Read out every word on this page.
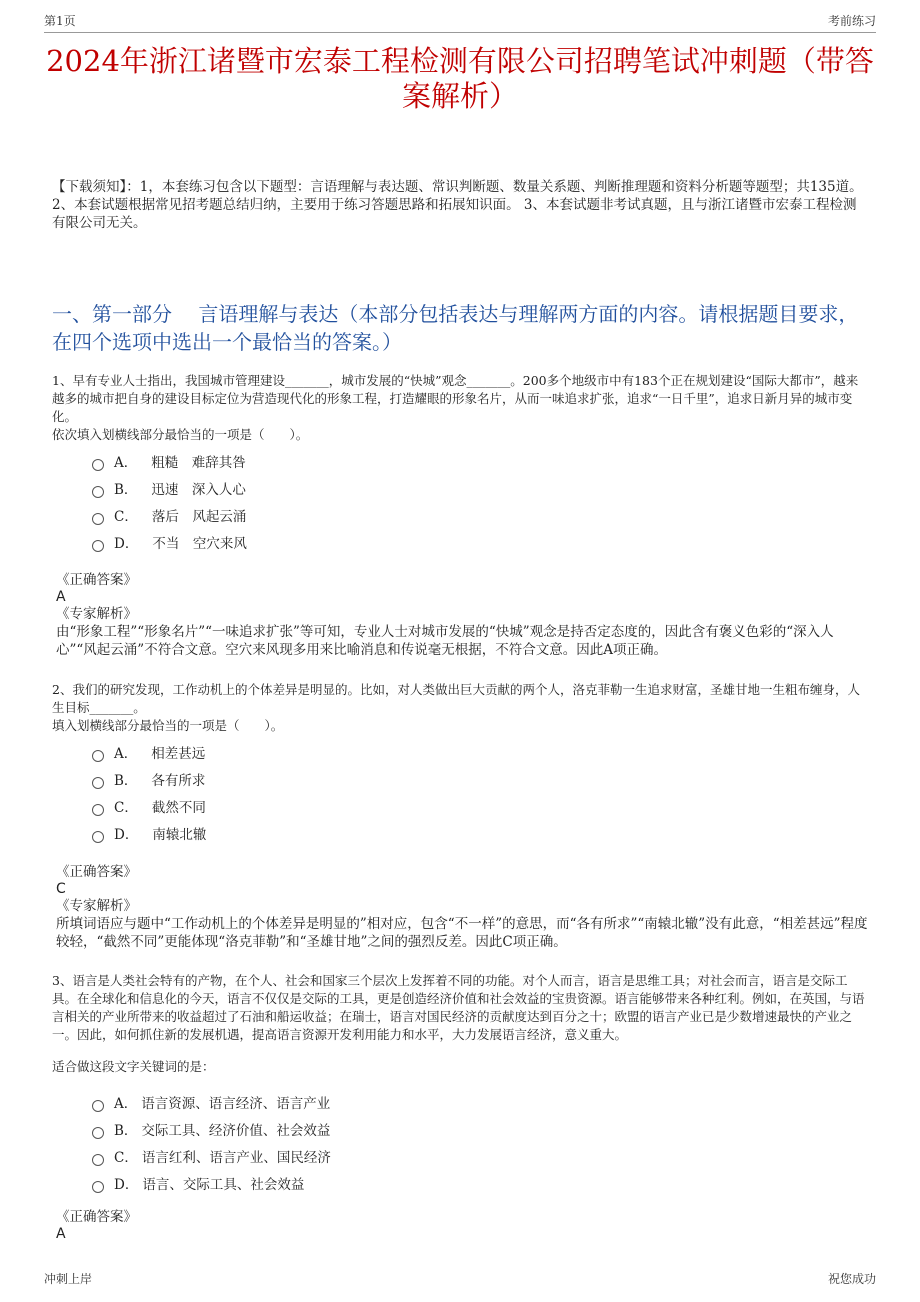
第1页	考前练习
2024年浙江诸暨市宏泰工程检测有限公司招聘笔试冲刺题（带答案解析）
【下载须知】：1，本套练习包含以下题型：言语理解与表达题、常识判断题、数量关系题、判断推理题和资料分析题等题型；共135道。 2、本套试题根据常见招考题总结归纳，主要用于练习答题思路和拓展知识面。 3、本套试题非考试真题，且与浙江诸暨市宏泰工程检测有限公司无关。
一、第一部分　 言语理解与表达（本部分包括表达与理解两方面的内容。请根据题目要求，在四个选项中选出一个最恰当的答案。）

1、早有专业人士指出，我国城市管理建设_______，城市发展的“快城”观念_______。200多个地级市中有183个正在规划建设“国际大都市”，越来越多的城市把自身的建设目标定位为营造现代化的形象工程，打造耀眼的形象名片，从而一味追求扩张，追求“一日千里”，追求日新月异的城市变化。

依次填入划横线部分最恰当的一项是（　　）。

A． 粗糙　难辞其咎
B． 迅速　深入人心
C． 落后　风起云涌
D． 不当　空穴来风

《正确答案》

A

《专家解析》

由“形象工程”“形象名片”“一味追求扩张”等可知，专业人士对城市发展的“快城”观念是持否定态度的，因此含有褒义色彩的“深入人心”“风起云涌”不符合文意。空穴来风现多用来比喻消息和传说毫无根据，不符合文意。因此A项正确。

2、我们的研究发现，工作动机上的个体差异是明显的。比如，对人类做出巨大贡献的两个人，洛克菲勒一生追求财富，圣雄甘地一生粗布缠身，人生目标_______。

填入划横线部分最恰当的一项是（　　）。

A． 相差甚远
B． 各有所求
C． 截然不同
D． 南辕北辙

《正确答案》

C

《专家解析》

所填词语应与题中“工作动机上的个体差异是明显的”相对应，包含“不一样”的意思，而“各有所求”“南辕北辙”没有此意，“相差甚远”程度较轻，“截然不同”更能体现“洛克菲勒”和“圣雄甘地”之间的强烈反差。因此C项正确。

3、语言是人类社会特有的产物，在个人、社会和国家三个层次上发挥着不同的功能。对个人而言，语言是思维工具；对社会而言，语言是交际工具。在全球化和信息化的今天，语言不仅仅是交际的工具，更是创造经济价值和社会效益的宝贵资源。语言能够带来各种红利。例如，在英国，与语言相关的产业所带来的收益超过了石油和船运收益；在瑞士，语言对国民经济的贡献度达到百分之十；欧盟的语言产业已是少数增速最快的产业之一。因此，如何抓住新的发展机遇，提高语言资源开发利用能力和水平，大力发展语言经济，意义重大。

适合做这段文字关键词的是：

A． 语言资源、语言经济、语言产业
B． 交际工具、经济价值、社会效益
C． 语言红利、语言产业、国民经济
D． 语言、交际工具、社会效益

《正确答案》

A

冲刺上岸	祝您成功
